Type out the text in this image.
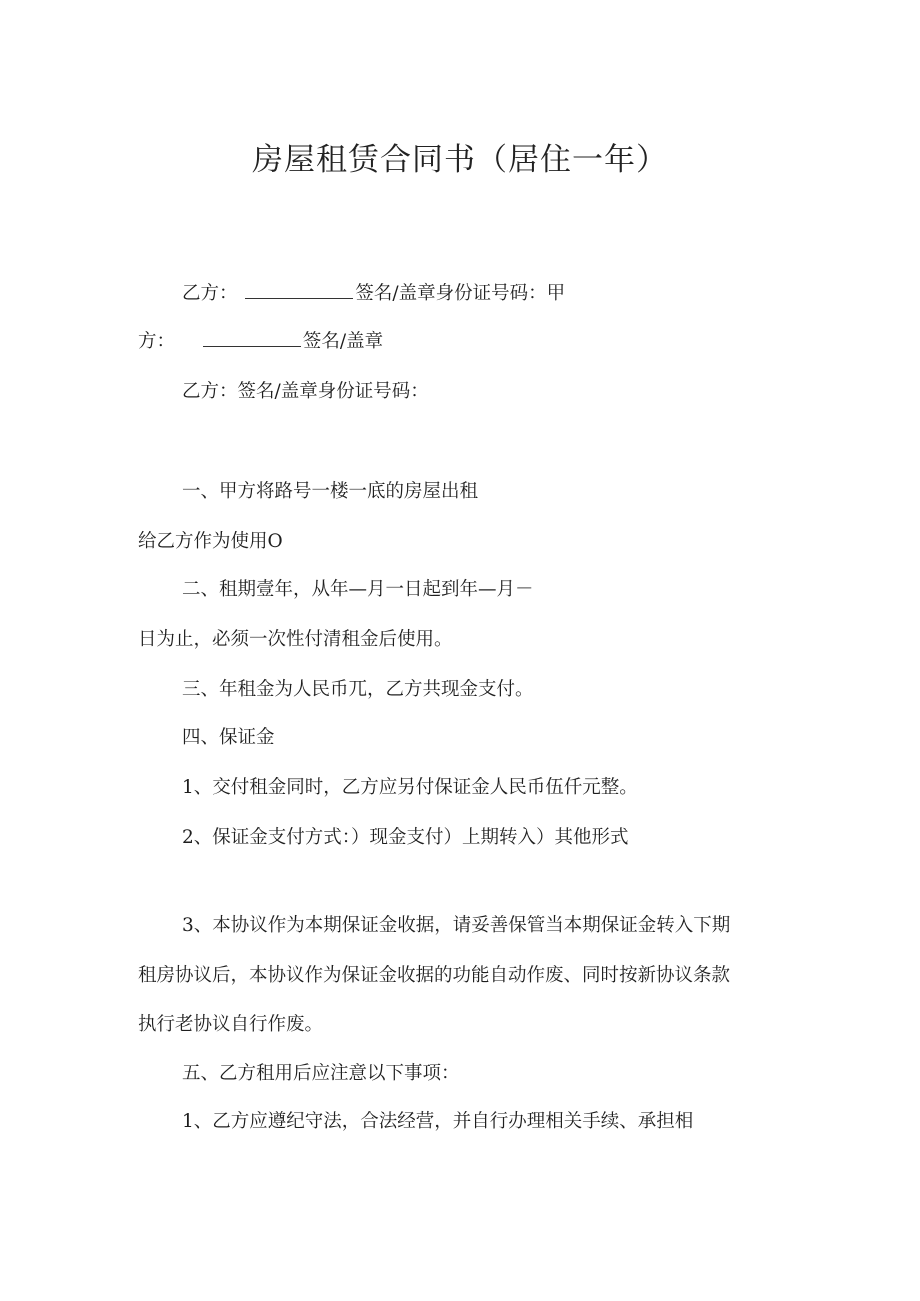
房屋租赁合同书（居住一年）
乙方：	签名/盖章身份证号码：甲
方：	签名/盖章
乙方：签名/盖章身份证号码：
一、甲方将路号一楼一底的房屋出租
给乙方作为使用O
二、租期壹年，从年—月一日起到年—月－
日为止，必须一次性付清租金后使用。
三、年租金为人民币兀，乙方共现金支付。
四、保证金
1、交付租金同时，乙方应另付保证金人民币伍仟元整。
2、保证金支付方式：）现金支付）上期转入）其他形式
3、本协议作为本期保证金收据，请妥善保管当本期保证金转入下期
租房协议后，本协议作为保证金收据的功能自动作废、同时按新协议条款
执行老协议自行作废。
五、乙方租用后应注意以下事项：
1、乙方应遵纪守法，合法经营，并自行办理相关手续、承担相
